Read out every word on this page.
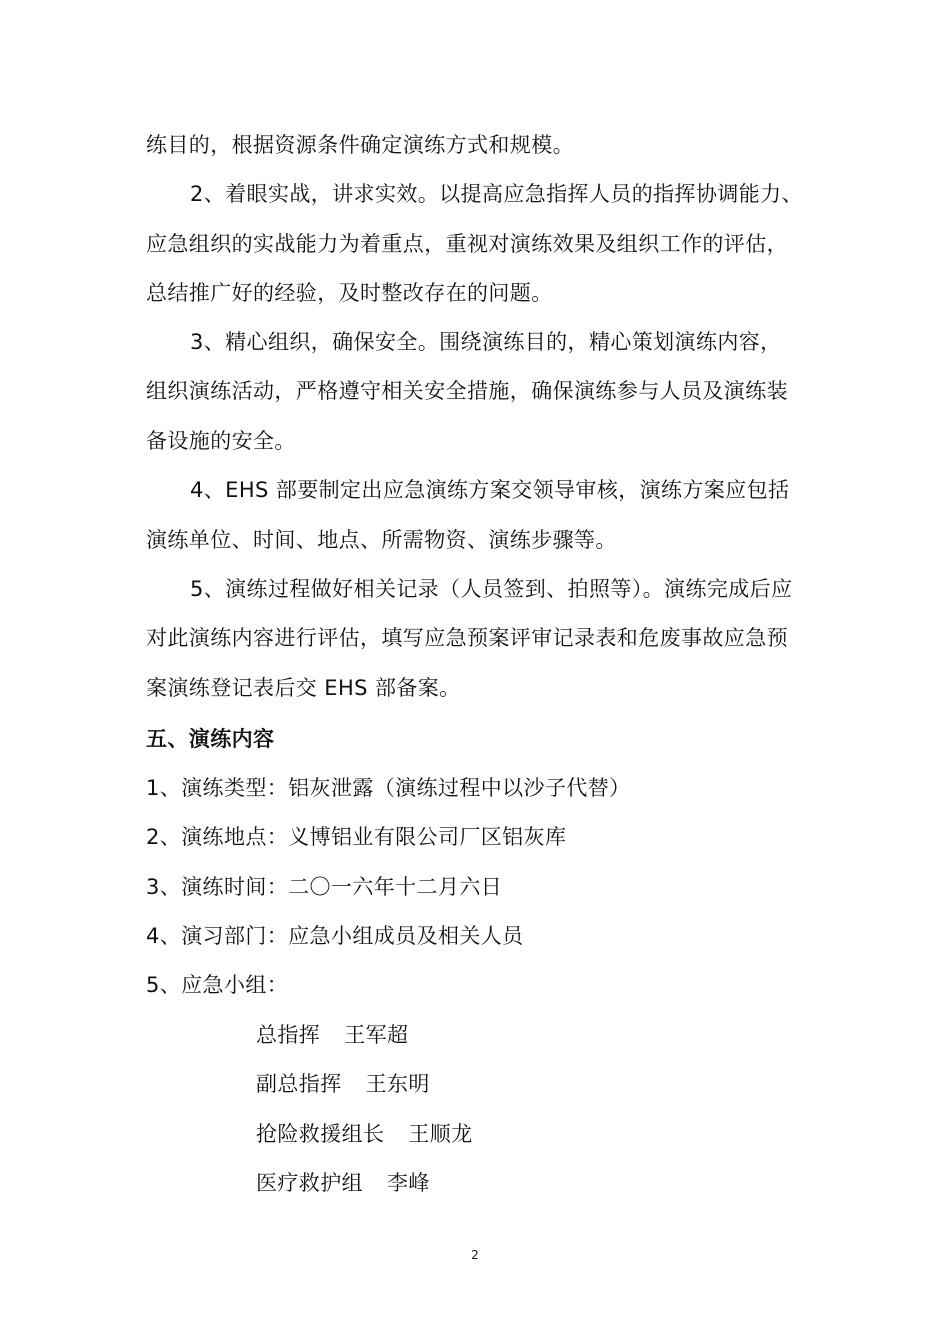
练目的，根据资源条件确定演练方式和规模。
2、着眼实战，讲求实效。以提高应急指挥人员的指挥协调能力、
应急组织的实战能力为着重点，重视对演练效果及组织工作的评估，
总结推广好的经验，及时整改存在的问题。
3、精心组织，确保安全。围绕演练目的，精心策划演练内容，
组织演练活动，严格遵守相关安全措施，确保演练参与人员及演练装
备设施的安全。
4、EHS 部要制定出应急演练方案交领导审核，演练方案应包括
演练单位、时间、地点、所需物资、演练步骤等。
5、演练过程做好相关记录（人员签到、拍照等）。演练完成后应
对此演练内容进行评估，填写应急预案评审记录表和危废事故应急预
案演练登记表后交 EHS 部备案。
五、演练内容
1、演练类型：铝灰泄露（演练过程中以沙子代替）
2、演练地点：义博铝业有限公司厂区铝灰库
3、演练时间：二〇一六年十二月六日
4、演习部门：应急小组成员及相关人员
5、应急小组：
总指挥 王军超
副总指挥 王东明
抢险救援组长 王顺龙
医疗救护组 李峰
2
